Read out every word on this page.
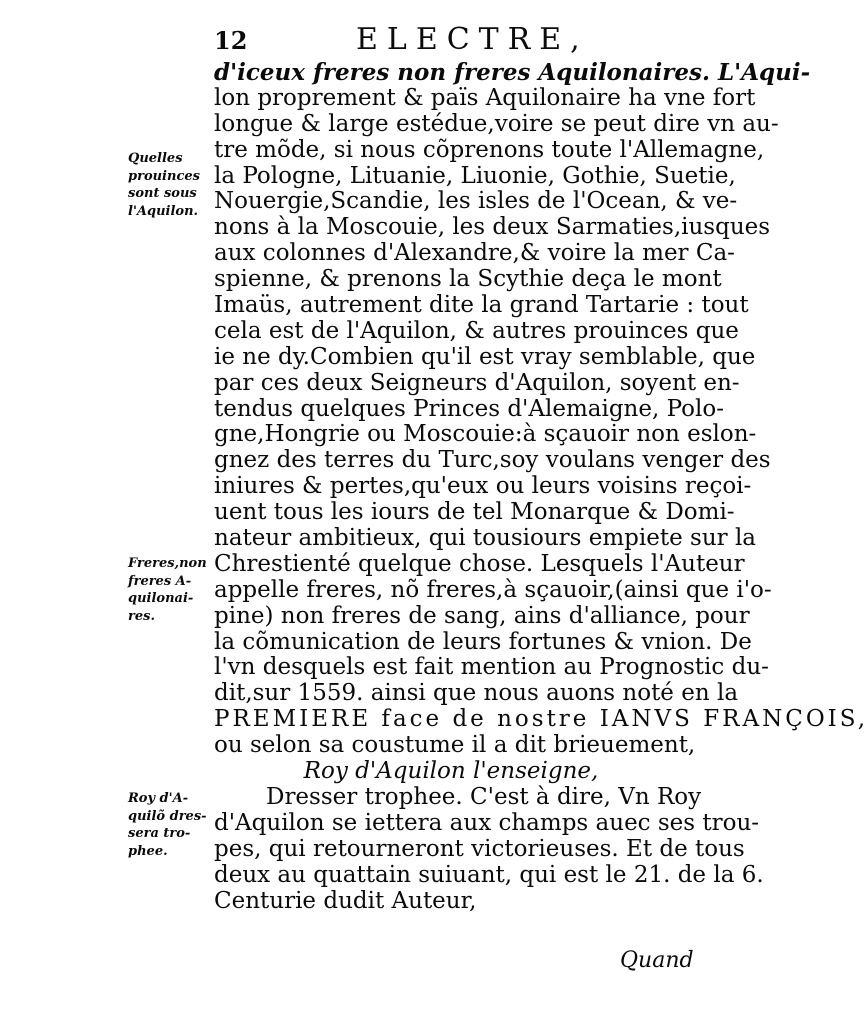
12	ELECTRE,
d'iceux freres non freres Aquilonaires. L'Aqui-
lon proprement & païs Aquilonaire ha vne fort
longue & large estédue,voire se peut dire vn au-
tre mõde, si nous cõprenons toute l'Allemagne,
la Pologne, Lituanie, Liuonie, Gothie, Suetie,
Nouergie,Scandie, les isles de l'Ocean, & ve-
nons à la Moscouie, les deux Sarmaties,iusques
aux colonnes d'Alexandre,& voire la mer Ca-
spienne, & prenons la Scythie deça le mont
Imaüs, autrement dite la grand Tartarie : tout
cela est de l'Aquilon, & autres prouinces que
ie ne dy.Combien qu'il est vray semblable, que
par ces deux Seigneurs d'Aquilon, soyent en-
tendus quelques Princes d'Alemaigne, Polo-
gne,Hongrie ou Moscouie:à sçauoir non eslon-
gnez des terres du Turc,soy voulans venger des
iniures & pertes,qu'eux ou leurs voisins reçoi-
uent tous les iours de tel Monarque & Domi-
nateur ambitieux, qui tousiours empiete sur la
Chrestienté quelque chose. Lesquels l'Auteur
appelle freres, nõ freres,à sçauoir,(ainsi que i'o-
pine) non freres de sang, ains d'alliance, pour
la cõmunication de leurs fortunes & vnion. De
l'vn desquels est fait mention au Prognostic du-
dit,sur 1559. ainsi que nous auons noté en la
PREMIERE face de nostre IANVS FRANÇOIS,
ou selon sa coustume il a dit brieuement,
Roy d'Aquilon l'enseigne,
Dresser trophee. C'est à dire, Vn Roy
d'Aquilon se iettera aux champs auec ses trou-
pes, qui retourneront victorieuses. Et de tous
deux au quattain suiuant, qui est le 21. de la 6.
Centurie dudit Auteur,
Quelles
prouinces
sont sous
l'Aquilon.
Freres,non
freres A-
quilonai-
res.
Roy d'A-
quilõ dres-
sera tro-
phee.
Quand
